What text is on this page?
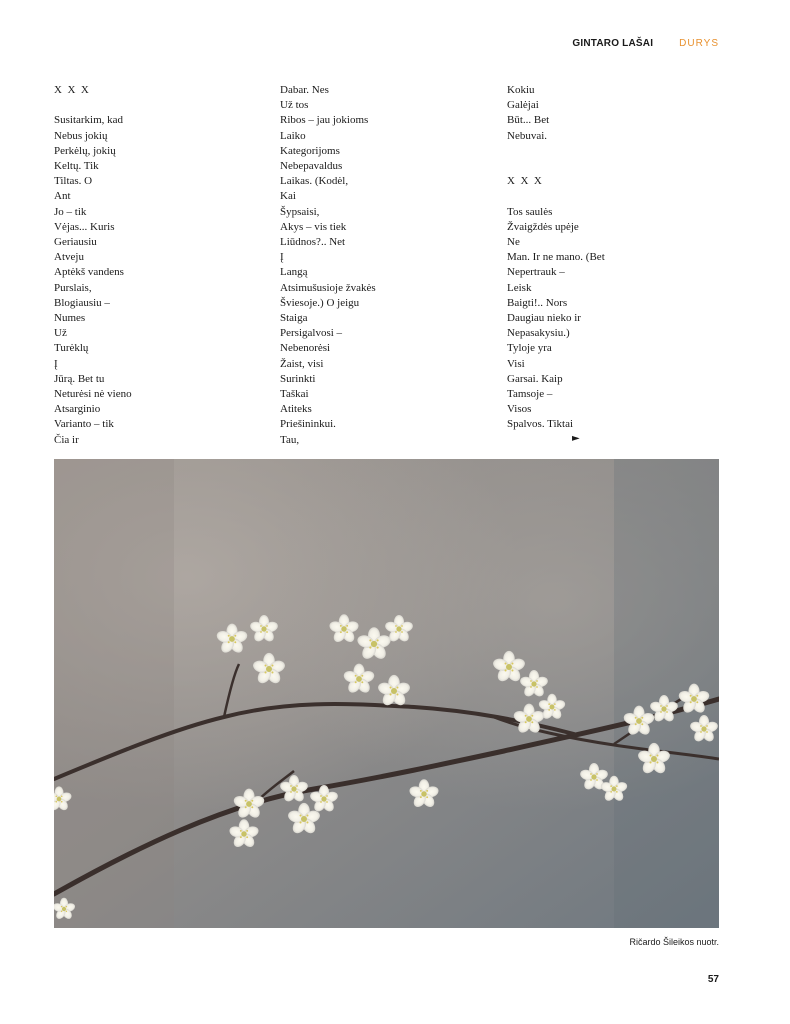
GINTARO LAŠAI	DURYS
X  X  X
Susitarkim, kad
Nebus jokių
Perkėlų, jokių
Keltų. Tik
Tiltas. O
Ant
Jo – tik
Vėjas... Kuris
Geriausiu
Atveju
Aptėkš vandens
Purslais,
Blogiausiu –
Numes
Už
Turėklų
Į
Jūrą. Bet tu
Neturėsi nė vieno
Atsarginio
Varianto – tik
Čia ir
Dabar. Nes
Už tos
Ribos – jau jokioms
Laiko
Kategorijoms
Nebepavaldus
Laikas. (Kodėl,
Kai
Šypsaisi,
Akys – vis tiek
Liūdnos?.. Net
Į
Langą
Atsimušusioje žvakės
Šviesoje.) O jeigu
Staiga
Persigalvosi –
Nebenorėsi
Žaist, visi
Surinkti
Taškai
Atiteks
Priešininkui.
Tau,
Kokiu
Galėjai
Būt... Bet
Nebuvai.
X  X  X
Tos saulės
Žvaigždės upėje
Ne
Man. Ir ne mano. (Bet
Nepertrauk –
Leisk
Baigti!.. Nors
Daugiau nieko ir
Nepasakysiu.)
Tyloje yra
Visi
Garsai. Kaip
Tamsoje –
Visos
Spalvos. Tiktai
►
Ričardo Šileikos nuotr.
57
